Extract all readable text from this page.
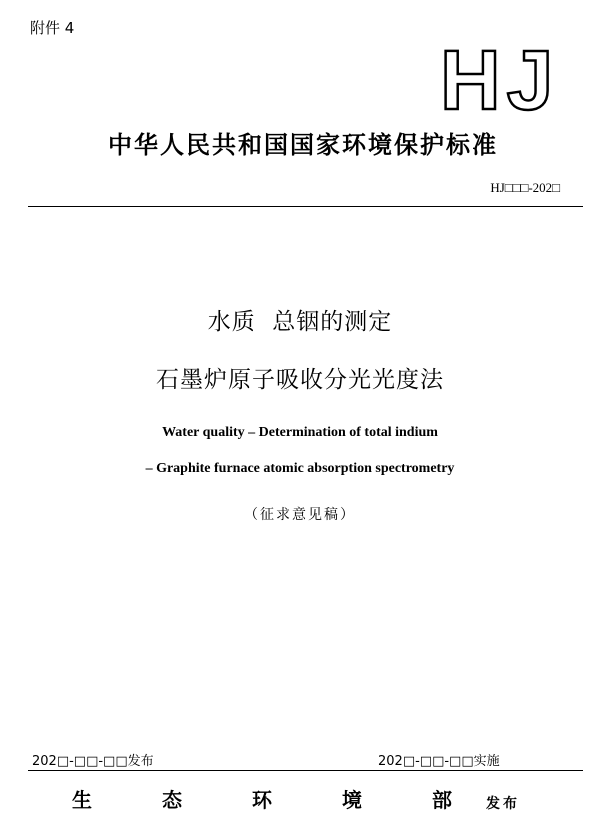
附件 4
HJ
中华人民共和国国家环境保护标准
HJ□□□-202□
水质  总铟的测定
石墨炉原子吸收分光光度法
Water quality – Determination of total indium
– Graphite furnace atomic absorption spectrometry
（征求意见稿）
202□-□□-□□发布	202□-□□-□□实施
生	态	环	境	部 发布
